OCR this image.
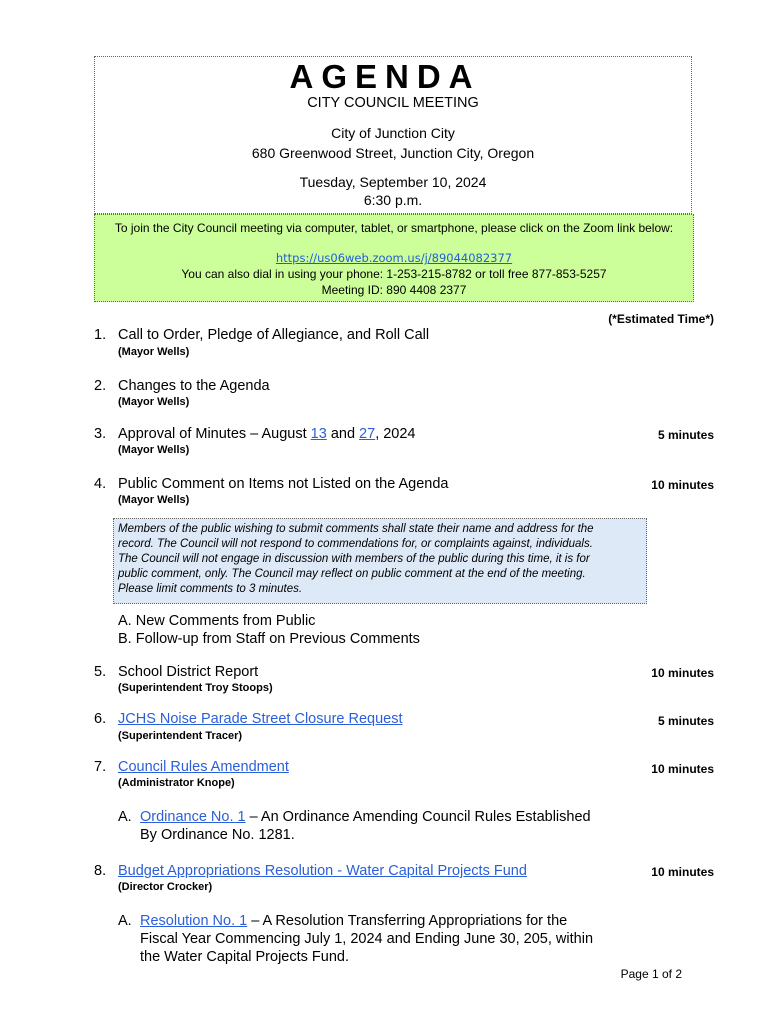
AGENDA
CITY COUNCIL MEETING
City of Junction City
680 Greenwood Street, Junction City, Oregon
Tuesday, September 10, 2024
6:30 p.m.
To join the City Council meeting via computer, tablet, or smartphone, please click on the Zoom link below:
https://us06web.zoom.us/j/89044082377
You can also dial in using your phone: 1-253-215-8782 or toll free 877-853-5257
Meeting ID: 890 4408 2377
(*Estimated Time*)
1. Call to Order, Pledge of Allegiance, and Roll Call
(Mayor Wells)
2. Changes to the Agenda
(Mayor Wells)
3. Approval of Minutes – August 13 and 27, 2024
(Mayor Wells)
5 minutes
4. Public Comment on Items not Listed on the Agenda
(Mayor Wells)
10 minutes
Members of the public wishing to submit comments shall state their name and address for the
record. The Council will not respond to commendations for, or complaints against, individuals.
The Council will not engage in discussion with members of the public during this time, it is for
public comment, only. The Council may reflect on public comment at the end of the meeting.
Please limit comments to 3 minutes.
A. New Comments from Public
B. Follow-up from Staff on Previous Comments
5. School District Report
(Superintendent Troy Stoops)
10 minutes
6. JCHS Noise Parade Street Closure Request
(Superintendent Tracer)
5 minutes
7. Council Rules Amendment
(Administrator Knope)
10 minutes
A. Ordinance No. 1 – An Ordinance Amending Council Rules Established
By Ordinance No. 1281.
8. Budget Appropriations Resolution - Water Capital Projects Fund
(Director Crocker)
10 minutes
A. Resolution No. 1 – A Resolution Transferring Appropriations for the
Fiscal Year Commencing July 1, 2024 and Ending June 30, 205, within
the Water Capital Projects Fund.
Page 1 of 2
